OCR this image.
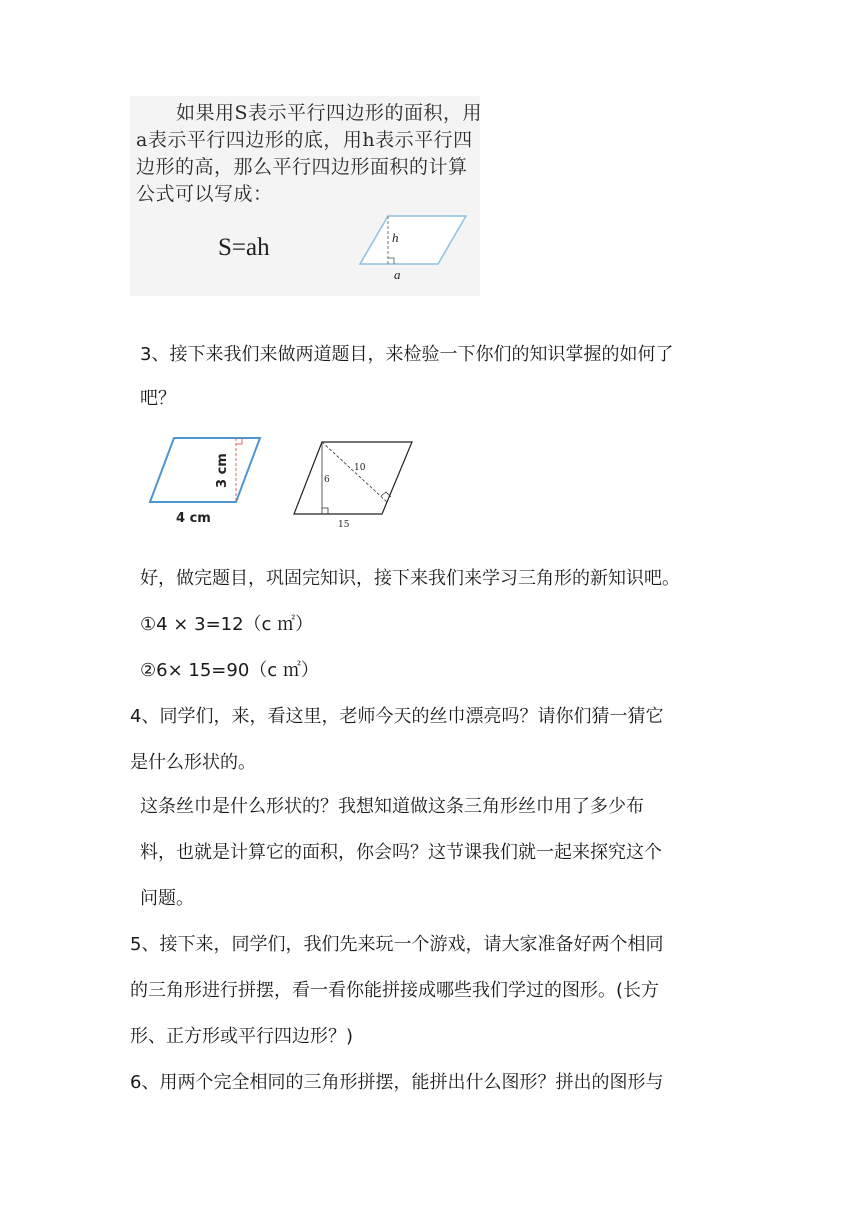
如果用S表示平行四边形的面积，用

a表示平行四边形的底，用h表示平行四

边形的高，那么平行四边形面积的计算

公式可以写成：

S=ah	h
a

3、接下来我们来做两道题目，来检验一下你们的知识掌握的如何了

吧？

3 cm
4 cm
10
6
15

好，做完题目，巩固完知识，接下来我们来学习三角形的新知识吧。

①4 × 3=12（c ㎡）

②6× 15=90（c ㎡）

4、同学们，来，看这里，老师今天的丝巾漂亮吗？请你们猜一猜它

是什么形状的。

这条丝巾是什么形状的？我想知道做这条三角形丝巾用了多少布

料，也就是计算它的面积，你会吗？这节课我们就一起来探究这个

问题。

5、接下来，同学们，我们先来玩一个游戏，请大家准备好两个相同

的三角形进行拼摆，看一看你能拼接成哪些我们学过的图形。(长方

形、正方形或平行四边形？)

6、用两个完全相同的三角形拼摆，能拼出什么图形？拼出的图形与
